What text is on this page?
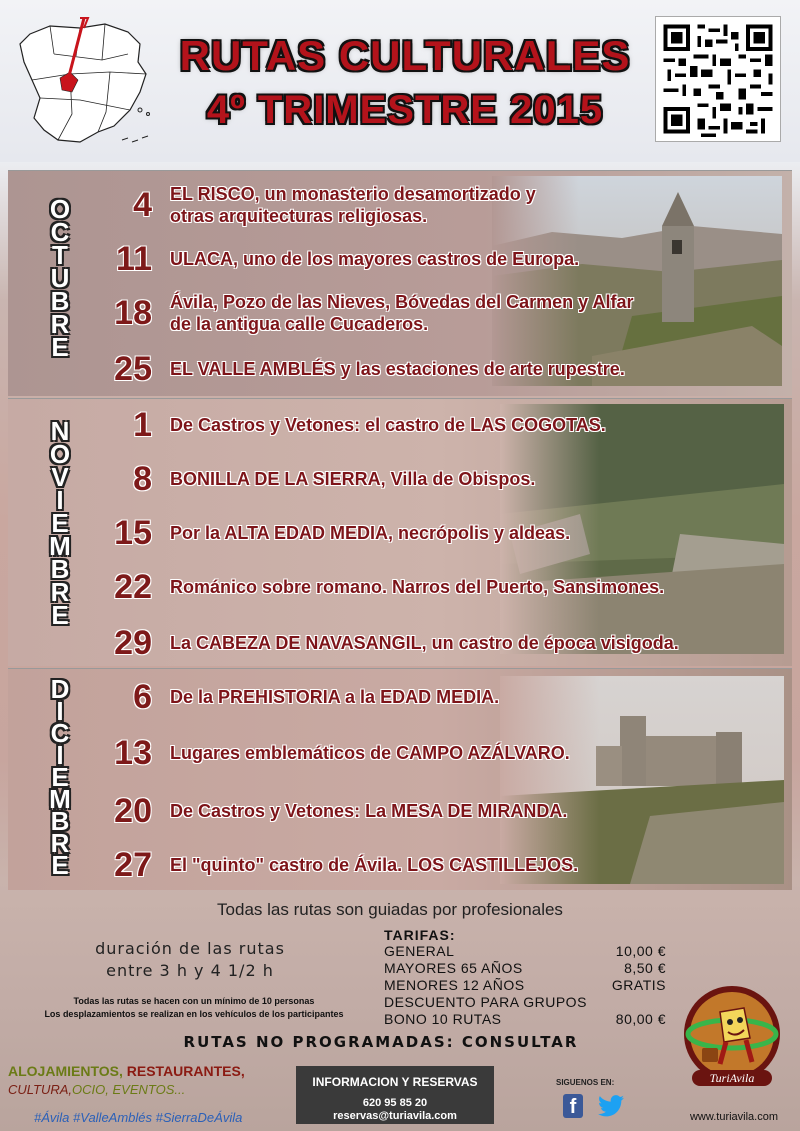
RUTAS CULTURALES
4º TRIMESTRE 2015
O
C
T
U
B
R
E
N
O
V
I
E
M
B
R
E
D
I
C
I
E
M
B
R
E
4 EL RISCO, un monasterio desamortizado y
otras arquitecturas religiosas.
11 ULACA, uno de los mayores castros de Europa.
18 Ávila, Pozo de las Nieves, Bóvedas del Carmen y Alfar
de la antigua calle Cucaderos.
25 EL VALLE AMBLÉS y las estaciones de arte rupestre.
1 De Castros y Vetones: el castro de LAS COGOTAS.
8 BONILLA DE LA SIERRA, Villa de Obispos.
15 Por la ALTA EDAD MEDIA, necrópolis y aldeas.
22 Románico sobre romano. Narros del Puerto, Sansimones.
29 La CABEZA DE NAVASANGIL, un castro de época visigoda.
6 De la PREHISTORIA a la EDAD MEDIA.
13 Lugares emblemáticos de CAMPO AZÁLVARO.
20 De Castros y Vetones: La MESA DE MIRANDA.
27 El "quinto" castro de Ávila. LOS CASTILLEJOS.
Todas las rutas son guiadas por profesionales
duración de las rutas
entre 3 h y 4 1/2 h
Todas las rutas se hacen con un mínimo de 10 personas
Los desplazamientos se realizan en los vehículos de los participantes
TARIFAS:
GENERAL	10,00 €
MAYORES 65 AÑOS	8,50 €
MENORES 12 AÑOS	GRATIS
DESCUENTO PARA GRUPOS
BONO 10 RUTAS	80,00 €
RUTAS NO PROGRAMADAS: CONSULTAR
ALOJAMIENTOS, RESTAURANTES,
CULTURA,OCIO, EVENTOS...
#Ávila #VallеAmblés #SierraDeÁvila
INFORMACION Y RESERVAS
620 95 85 20
reservas@turiavila.com
SIGUENOS EN:
f
TuriAvila
www.turiavila.com
